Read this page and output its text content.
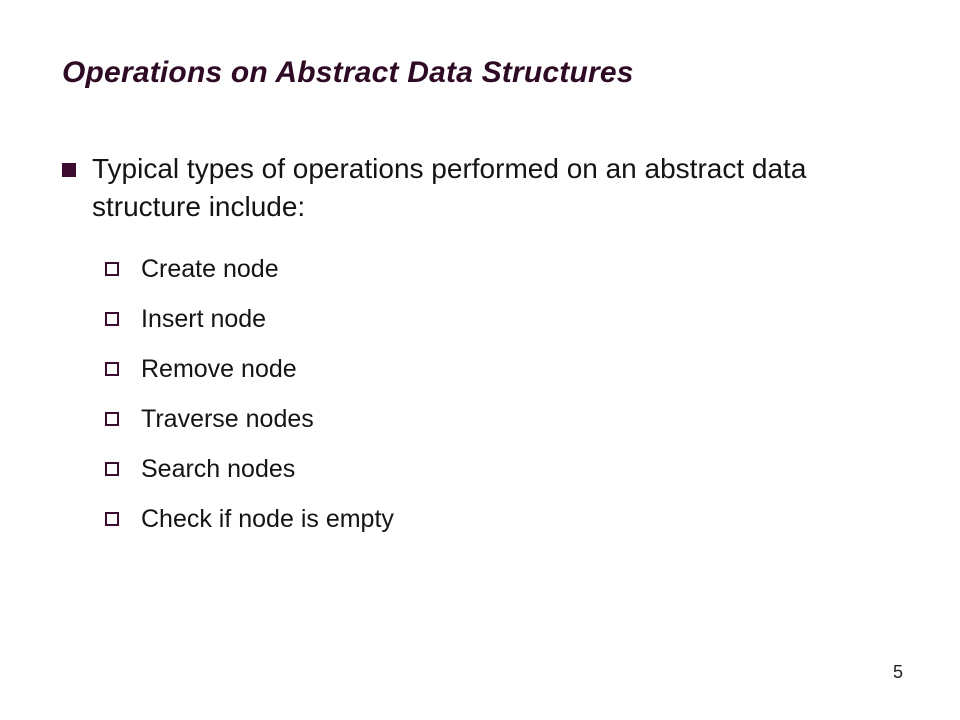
Operations on Abstract Data Structures
Typical types of operations performed on an abstract data structure include:
Create node
Insert node
Remove node
Traverse nodes
Search nodes
Check if node is empty
5
